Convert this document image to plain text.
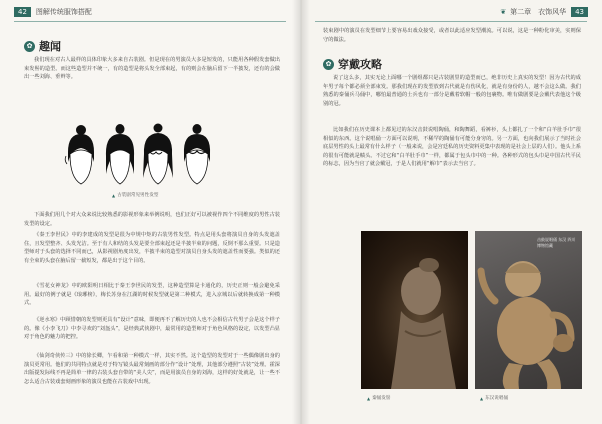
42	图解传统服饰搭配
✿ 趣闻

我们现在对古人最样的具体印象大多来自古装剧。但是现在的男演员大多是短发的，只能用各种假发套做出束发髻的造型。而这些造型并不统一，有的造型是将头发全部束起，有的则会在脑后留下一半披发，还有的会做出一些刘海、垂辫等。

▲ 古装剧常见男性发型

下面我们用几个对大众来说比较熟悉的影视形象来举例说明，也们正好可以被视作四个不同维度的男性古装发型的设定。

《秦王李世民》中的李建成的发型是很为中规中矩的古装男性发型。特点是用头套将演员自身的头发遮盖住，且发型整齐、头发光洁。至于有人和结的头发是要全部束起还是半披半束的问题，反倒不那么重要。只是造型师对于头套的选择不同而已，从影视剧角度出发，半披半束的造型对演员自身头发的遮盖性而要强。类似的还有全束的头套在脑后留一截短发，都是出于这个目的。

《雪花女神龙》中的欧阳明日相比于秦王李世民的发型，这种造型算是卡通化的，历史正则一般会避免采用。最好的例子就是《琅琊榜》，梅长苏身在江湖的时候发型就是第二种模式，进入京城以后就转换成第一种模式。

《逆水寒》中顾惜朝的发型则更具有“设计”意味，即便再不了解历史的人也不会相信古代男子会是这个样子的。像《小李飞刀》中李寻欢的“刘盔头”，是经典武侠剧中，最常用的造型师对于角色风格的设定，以发型凸显对于角色的魅力的把控。

《仙剑奇侠传三》中的徐长卿，乍看和第一种模式一样，其实不然。这个造型的发型对于一些偶像剧出身的演员更常用。他们的共同特点就是对于特写镜头最常刻画的部分作“设计”处理，其他部分遵照“古装”处理。霍深出版提发际线不再是简单一律的古装头套自带的“美人尖”，而是用演员自身的刘海，这样的好处就是，让一些不怎么适合古装戏套刻画形象的演员也能在古装戏中出现。

❦ 第二章　衣饰风华	43

装束剧中的演员在发型细节上要容易出戏众接受，或者以此适应发型潮流。可以说，这是一种粉化审美，实则保守的做法。

✿ 穿戴攻略

说了这么多，其实无论上面哪一个剧组都只是古装剧里的造型而已，绝非历史上真实的发型！因为古代的成年男子每个都必须全部束发。那我们现在的发型放到古代就是有伤风化，就是有身份的人，越不会这么做。我们熟悉的秦俑兵马俑中，哪怕最普通的士兵也有一部分是戴着软帽一般的包裹物。唯有做剧要是会戴代表他这个级别的冠。

比如我们在历史课本上都见过的东汉击鼓说唱陶俑，和陶舞蹈，看裤衫，头上都扎了一个和“白羊肚手巾”很相似的东西。这个说唱俑一方面可以说明，不稀罕的陶俑有可能分身穷的。另一方面，也向我们展示了当时社会底层男性的头上最常有什么样子（一般来说，会是宫廷私的历史资料更集中表现的是社会上层的人们）。他头上系的很有可能就是帻头。不过它和“白羊肚手巾”一样，都属于包头巾中的一种。各种形式的包头巾是中国古代平民的标志，因为当官了就会戴冠，于是人们就用“解巾”表示去当官了。

击鼓说唱俑 东汉 四川博物馆藏
▲ 秦俑发髻	▲ 东汉说唱俑
